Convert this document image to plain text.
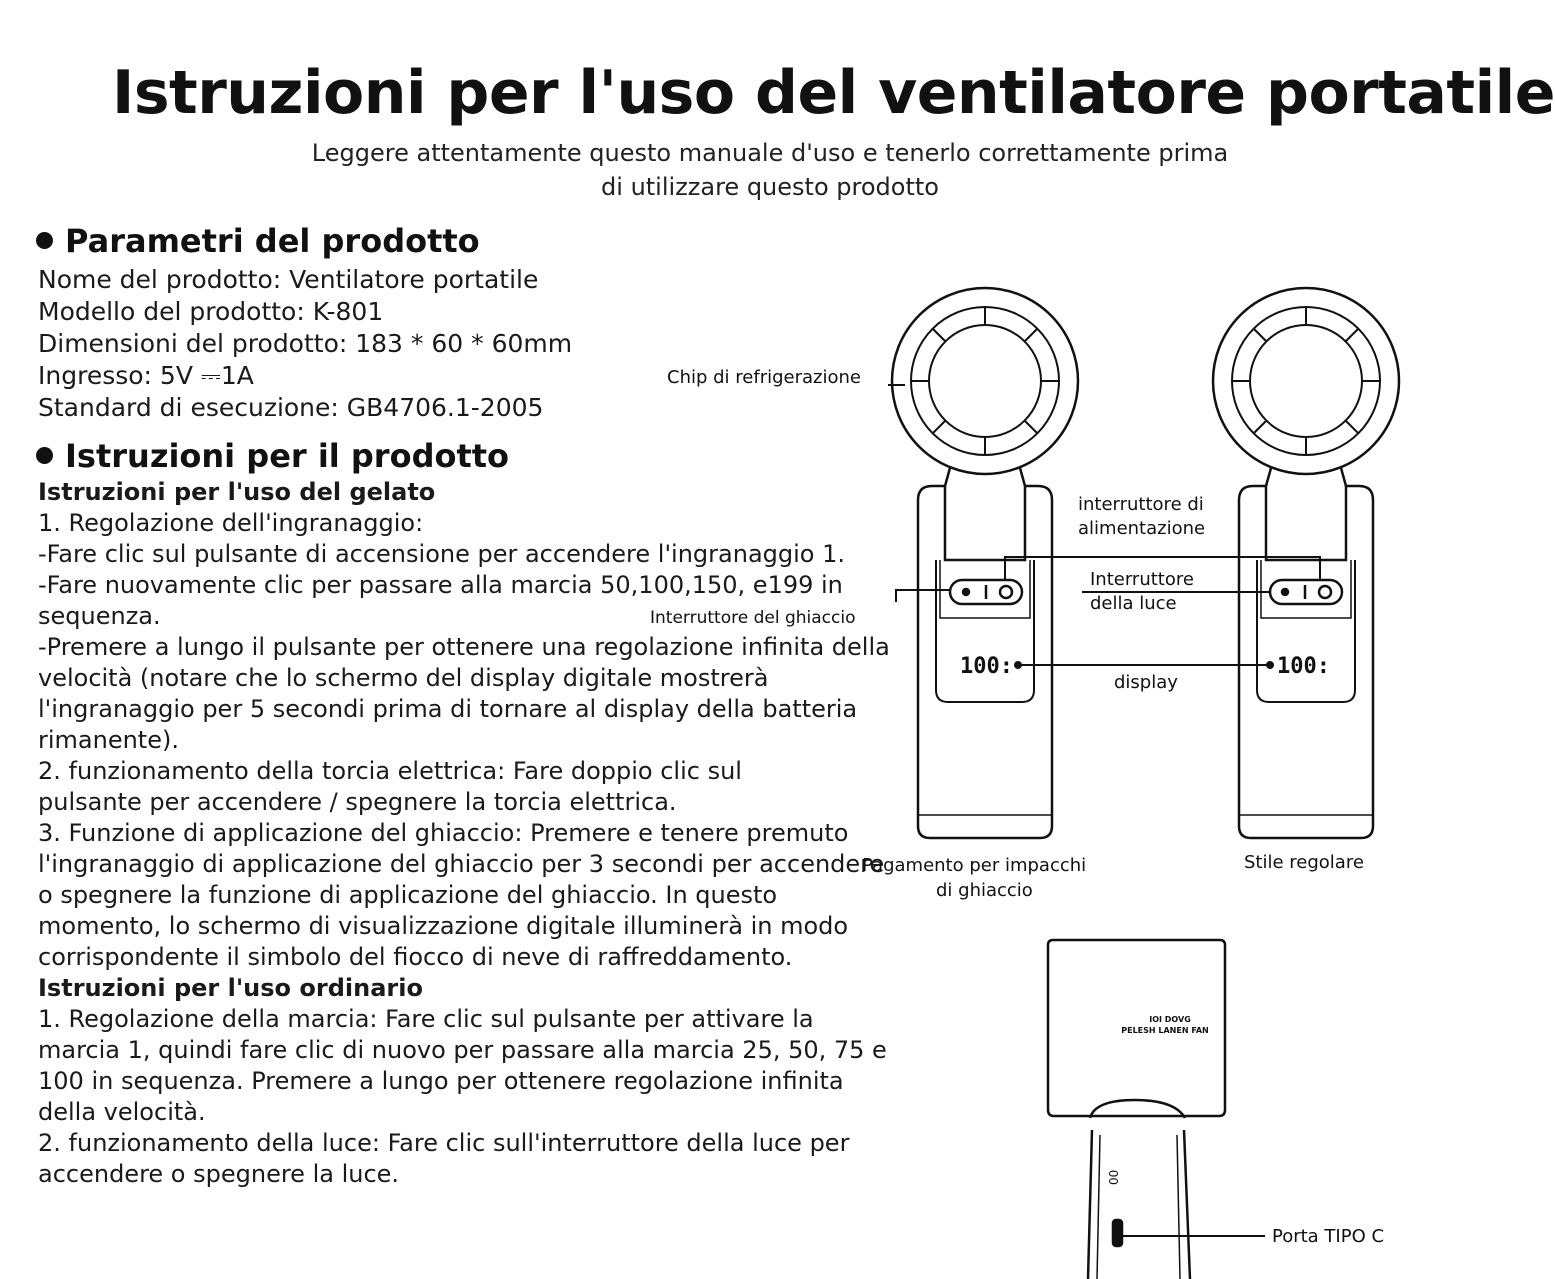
Istruzioni per l'uso del ventilatore portatile
Leggere attentamente questo manuale d'uso e tenerlo correttamente prima
di utilizzare questo prodotto
Parametri del prodotto
Nome del prodotto: Ventilatore portatile
Modello del prodotto: K-801
Dimensioni del prodotto: 183 * 60 * 60mm
Ingresso: 5V ⎓1A
Standard di esecuzione: GB4706.1-2005
Istruzioni per il prodotto

Istruzioni per l'uso del gelato

1. Regolazione dell'ingranaggio:

-Fare clic sul pulsante di accensione per accendere l'ingranaggio 1.

-Fare nuovamente clic per passare alla marcia 50,100,150, e199 in sequenza.

-Premere a lungo il pulsante per ottenere una regolazione infinita della velocità (notare che lo schermo del display digitale mostrerà l'ingranaggio per 5 secondi prima di tornare al display della batteria rimanente).

2. funzionamento della torcia elettrica: Fare doppio clic sul pulsante per accendere / spegnere la torcia elettrica.

3. Funzione di applicazione del ghiaccio: Premere e tenere premuto l'ingranaggio di applicazione del ghiaccio per 3 secondi per accendere o spegnere la funzione di applicazione del ghiaccio. In questo momento, lo schermo di visualizzazione digitale illuminerà in modo corrispondente il simbolo del fiocco di neve di raffreddamento.

Istruzioni per l'uso ordinario

1. Regolazione della marcia: Fare clic sul pulsante per attivare la marcia 1, quindi fare clic di nuovo per passare alla marcia 25, 50, 75 e 100 in sequenza. Premere a lungo per ottenere regolazione infinita della velocità.

2. funzionamento della luce: Fare clic sull'interruttore della luce per accendere o spegnere la luce.

100:	100:
IOI DOVG
PELESH LANEN FAN
00
Chip di refrigerazione
Interruttore del ghiaccio
interruttore di
alimentazione
Interruttore
della luce
display
Pagamento per impacchi
di ghiaccio
Stile regolare
Porta TIPO C
